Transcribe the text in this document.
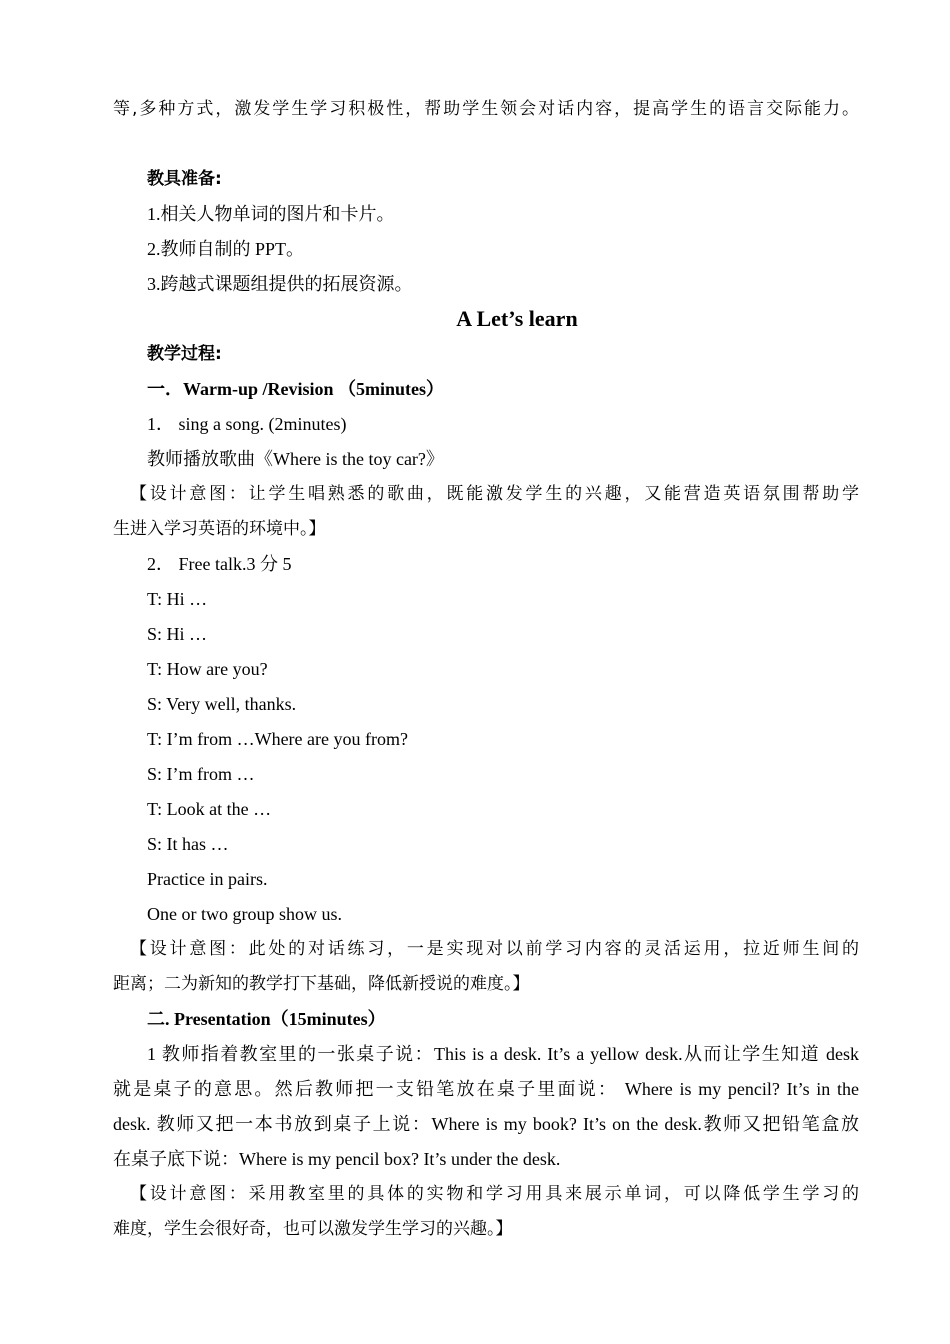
等,多种方式，激发学生学习积极性，帮助学生领会对话内容，提高学生的语言交际能力。
教具准备:
1.相关人物单词的图片和卡片。
2.教师自制的 PPT。
3.跨越式课题组提供的拓展资源。
A Let’s learn
教学过程:
一．Warm-up /Revision （5minutes）
1． sing a song. (2minutes)
教师播放歌曲《Where is the toy car?》
【设计意图：让学生唱熟悉的歌曲，既能激发学生的兴趣，又能营造英语氛围帮助学
生进入学习英语的环境中。】
2． Free talk.3 分 5
T: Hi …
S: Hi …
T: How are you?
S: Very well, thanks.
T: I’m from …Where are you from?
S: I’m from …
T: Look at the …
S: It has …
Practice in pairs.
One or two group show us.
【设计意图：此处的对话练习，一是实现对以前学习内容的灵活运用，拉近师生间的
距离；二为新知的教学打下基础，降低新授说的难度。】
二. Presentation（15minutes）
1 教师指着教室里的一张桌子说：This is a desk. It’s a yellow desk.从而让学生知道 desk
就是桌子的意思。然后教师把一支铅笔放在桌子里面说： Where is my pencil? It’s in the
desk. 教师又把一本书放到桌子上说：Where is my book? It’s on the desk.教师又把铅笔盒放
在桌子底下说：Where is my pencil box? It’s under the desk.
【设计意图：采用教室里的具体的实物和学习用具来展示单词，可以降低学生学习的
难度，学生会很好奇，也可以激发学生学习的兴趣。】
